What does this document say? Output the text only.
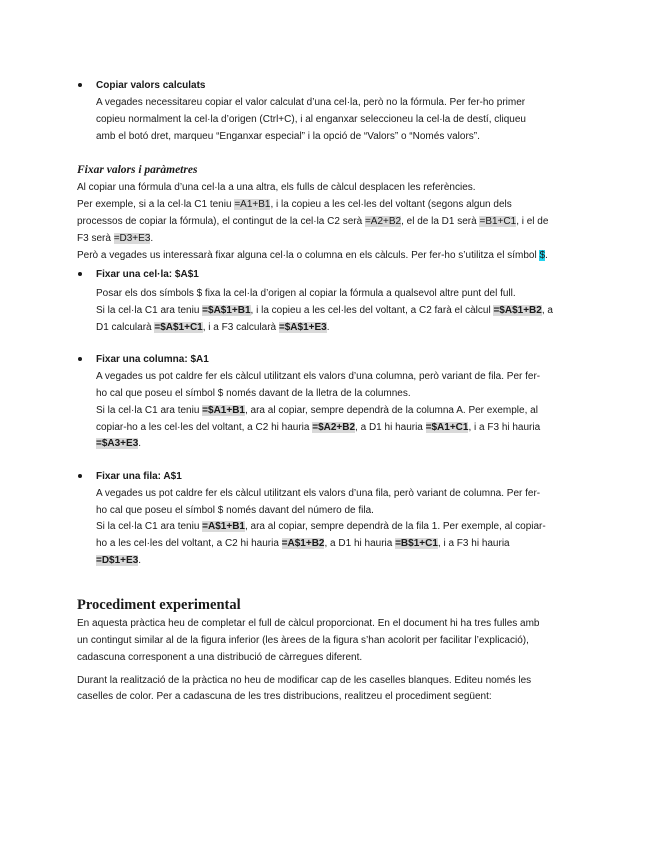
Copiar valors calculats
A vegades necessitareu copiar el valor calculat d’una cel·la, però no la fórmula. Per fer-ho primer
copieu normalment la cel·la d’origen (Ctrl+C), i al enganxar seleccioneu la cel·la de destí, cliqueu
amb el botó dret, marqueu “Enganxar especial” i la opció de “Valors” o “Només valors”.
Fixar valors i paràmetres
Al copiar una fórmula d’una cel·la a una altra, els fulls de càlcul desplacen les referències.
Per exemple, si a la cel·la C1 teniu =A1+B1, i la copieu a les cel·les del voltant (segons algun dels
processos de copiar la fórmula), el contingut de la cel·la C2 serà =A2+B2, el de la D1 serà =B1+C1, i el de
F3 serà =D3+E3.
Però a vegades us interessarà fixar alguna cel·la o columna en els càlculs. Per fer-ho s’utilitza el símbol $.
Fixar una cel·la: $A$1
Posar els dos símbols $ fixa la cel·la d’origen al copiar la fórmula a qualsevol altre punt del full.
Si la cel·la C1 ara teniu =$A$1+B1, i la copieu a les cel·les del voltant, a C2 farà el càlcul =$A$1+B2, a
D1 calcularà =$A$1+C1, i a F3 calcularà =$A$1+E3.
Fixar una columna: $A1
A vegades us pot caldre fer els càlcul utilitzant els valors d’una columna, però variant de fila. Per fer-
ho cal que poseu el símbol $ només davant de la lletra de la columnes.
Si la cel·la C1 ara teniu =$A1+B1, ara al copiar, sempre dependrà de la columna A. Per exemple, al
copiar-ho a les cel·les del voltant, a C2 hi hauria =$A2+B2, a D1 hi hauria =$A1+C1, i a F3 hi hauria
=$A3+E3.
Fixar una fila: A$1
A vegades us pot caldre fer els càlcul utilitzant els valors d’una fila, però variant de columna. Per fer-
ho cal que poseu el símbol $ només davant del número de fila.
Si la cel·la C1 ara teniu =A$1+B1, ara al copiar, sempre dependrà de la fila 1. Per exemple, al copiar-
ho a les cel·les del voltant, a C2 hi hauria =A$1+B2, a D1 hi hauria =B$1+C1, i a F3 hi hauria
=D$1+E3.
Procediment experimental
En aquesta pràctica heu de completar el full de càlcul proporcionat. En el document hi ha tres fulles amb
un contingut similar al de la figura inferior (les àrees de la figura s’han acolorit per facilitar l’explicació),
cadascuna corresponent a una distribució de càrregues diferent.
Durant la realització de la pràctica no heu de modificar cap de les caselles blanques. Editeu només les
caselles de color. Per a cadascuna de les tres distribucions, realitzeu el procediment següent:
